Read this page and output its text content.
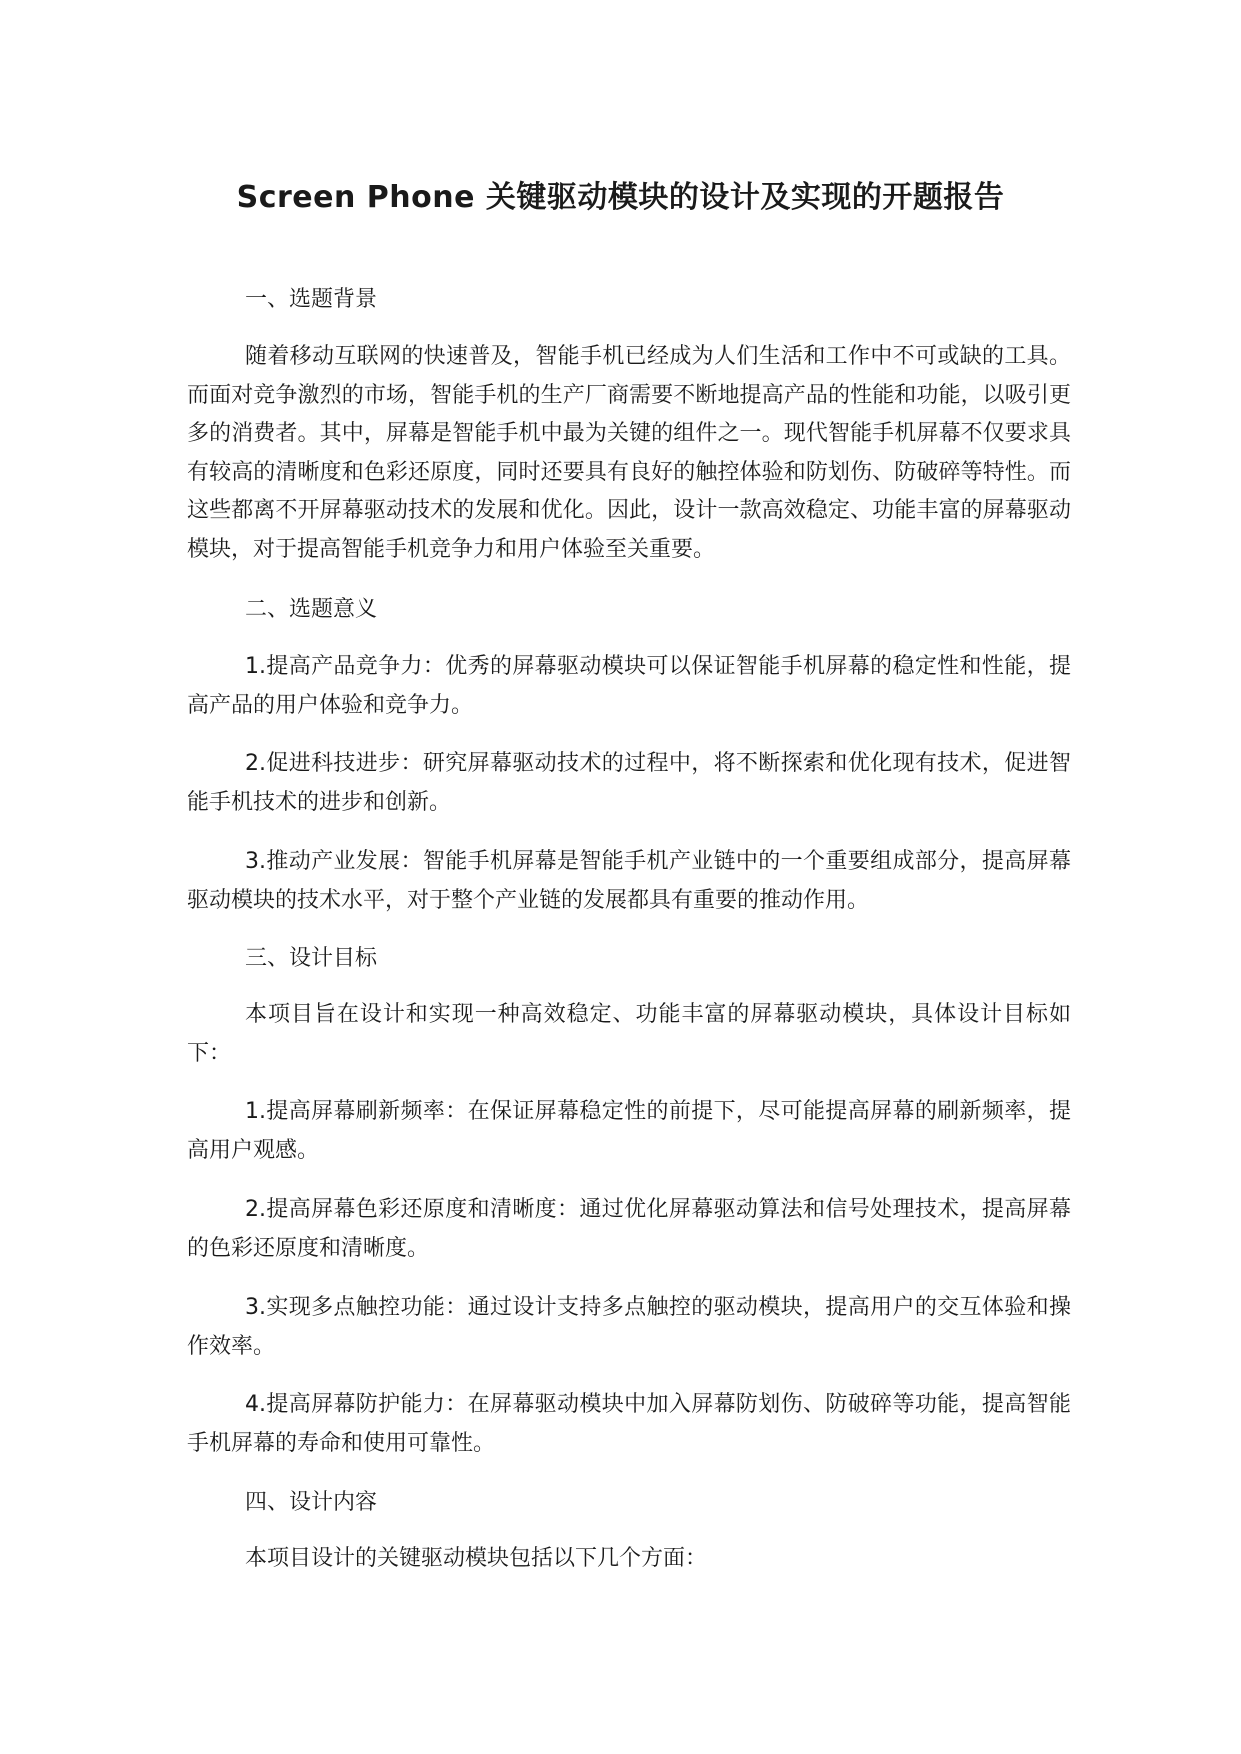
Screen Phone 关键驱动模块的设计及实现的开题报告

一、选题背景

随着移动互联网的快速普及，智能手机已经成为人们生活和工作中不可或缺的工具。而面对竞争激烈的市场，智能手机的生产厂商需要不断地提高产品的性能和功能，以吸引更多的消费者。其中，屏幕是智能手机中最为关键的组件之一。现代智能手机屏幕不仅要求具有较高的清晰度和色彩还原度，同时还要具有良好的触控体验和防划伤、防破碎等特性。而这些都离不开屏幕驱动技术的发展和优化。因此，设计一款高效稳定、功能丰富的屏幕驱动模块，对于提高智能手机竞争力和用户体验至关重要。

二、选题意义

1.提高产品竞争力：优秀的屏幕驱动模块可以保证智能手机屏幕的稳定性和性能，提高产品的用户体验和竞争力。

2.促进科技进步：研究屏幕驱动技术的过程中，将不断探索和优化现有技术，促进智能手机技术的进步和创新。

3.推动产业发展：智能手机屏幕是智能手机产业链中的一个重要组成部分，提高屏幕驱动模块的技术水平，对于整个产业链的发展都具有重要的推动作用。

三、设计目标

本项目旨在设计和实现一种高效稳定、功能丰富的屏幕驱动模块，具体设计目标如下：

1.提高屏幕刷新频率：在保证屏幕稳定性的前提下，尽可能提高屏幕的刷新频率，提高用户观感。

2.提高屏幕色彩还原度和清晰度：通过优化屏幕驱动算法和信号处理技术，提高屏幕的色彩还原度和清晰度。

3.实现多点触控功能：通过设计支持多点触控的驱动模块，提高用户的交互体验和操作效率。

4.提高屏幕防护能力：在屏幕驱动模块中加入屏幕防划伤、防破碎等功能，提高智能手机屏幕的寿命和使用可靠性。

四、设计内容

本项目设计的关键驱动模块包括以下几个方面：
